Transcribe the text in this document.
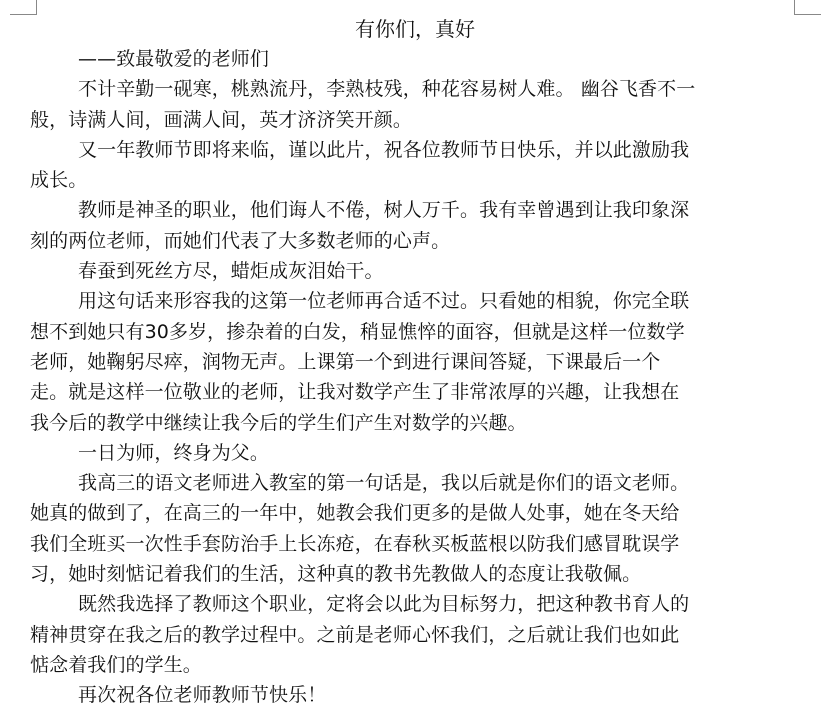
有你们，真好

——致最敬爱的老师们

不计辛勤一砚寒，桃熟流丹，李熟枝残，种花容易树人难。 幽谷飞香不一

般，诗满人间，画满人间，英才济济笑开颜。

又一年教师节即将来临，谨以此片，祝各位教师节日快乐，并以此激励我

成长。

教师是神圣的职业，他们诲人不倦，树人万千。我有幸曾遇到让我印象深

刻的两位老师，而她们代表了大多数老师的心声。

春蚕到死丝方尽，蜡炬成灰泪始干。

用这句话来形容我的这第一位老师再合适不过。只看她的相貌，你完全联

想不到她只有30多岁，掺杂着的白发，稍显憔悴的面容，但就是这样一位数学

老师，她鞠躬尽瘁，润物无声。上课第一个到进行课间答疑，下课最后一个

走。就是这样一位敬业的老师，让我对数学产生了非常浓厚的兴趣，让我想在

我今后的教学中继续让我今后的学生们产生对数学的兴趣。

一日为师，终身为父。

我高三的语文老师进入教室的第一句话是，我以后就是你们的语文老师。

她真的做到了，在高三的一年中，她教会我们更多的是做人处事，她在冬天给

我们全班买一次性手套防治手上长冻疮，在春秋买板蓝根以防我们感冒耽误学

习，她时刻惦记着我们的生活，这种真的教书先教做人的态度让我敬佩。

既然我选择了教师这个职业，定将会以此为目标努力，把这种教书育人的

精神贯穿在我之后的教学过程中。之前是老师心怀我们，之后就让我们也如此

惦念着我们的学生。

再次祝各位老师教师节快乐！
